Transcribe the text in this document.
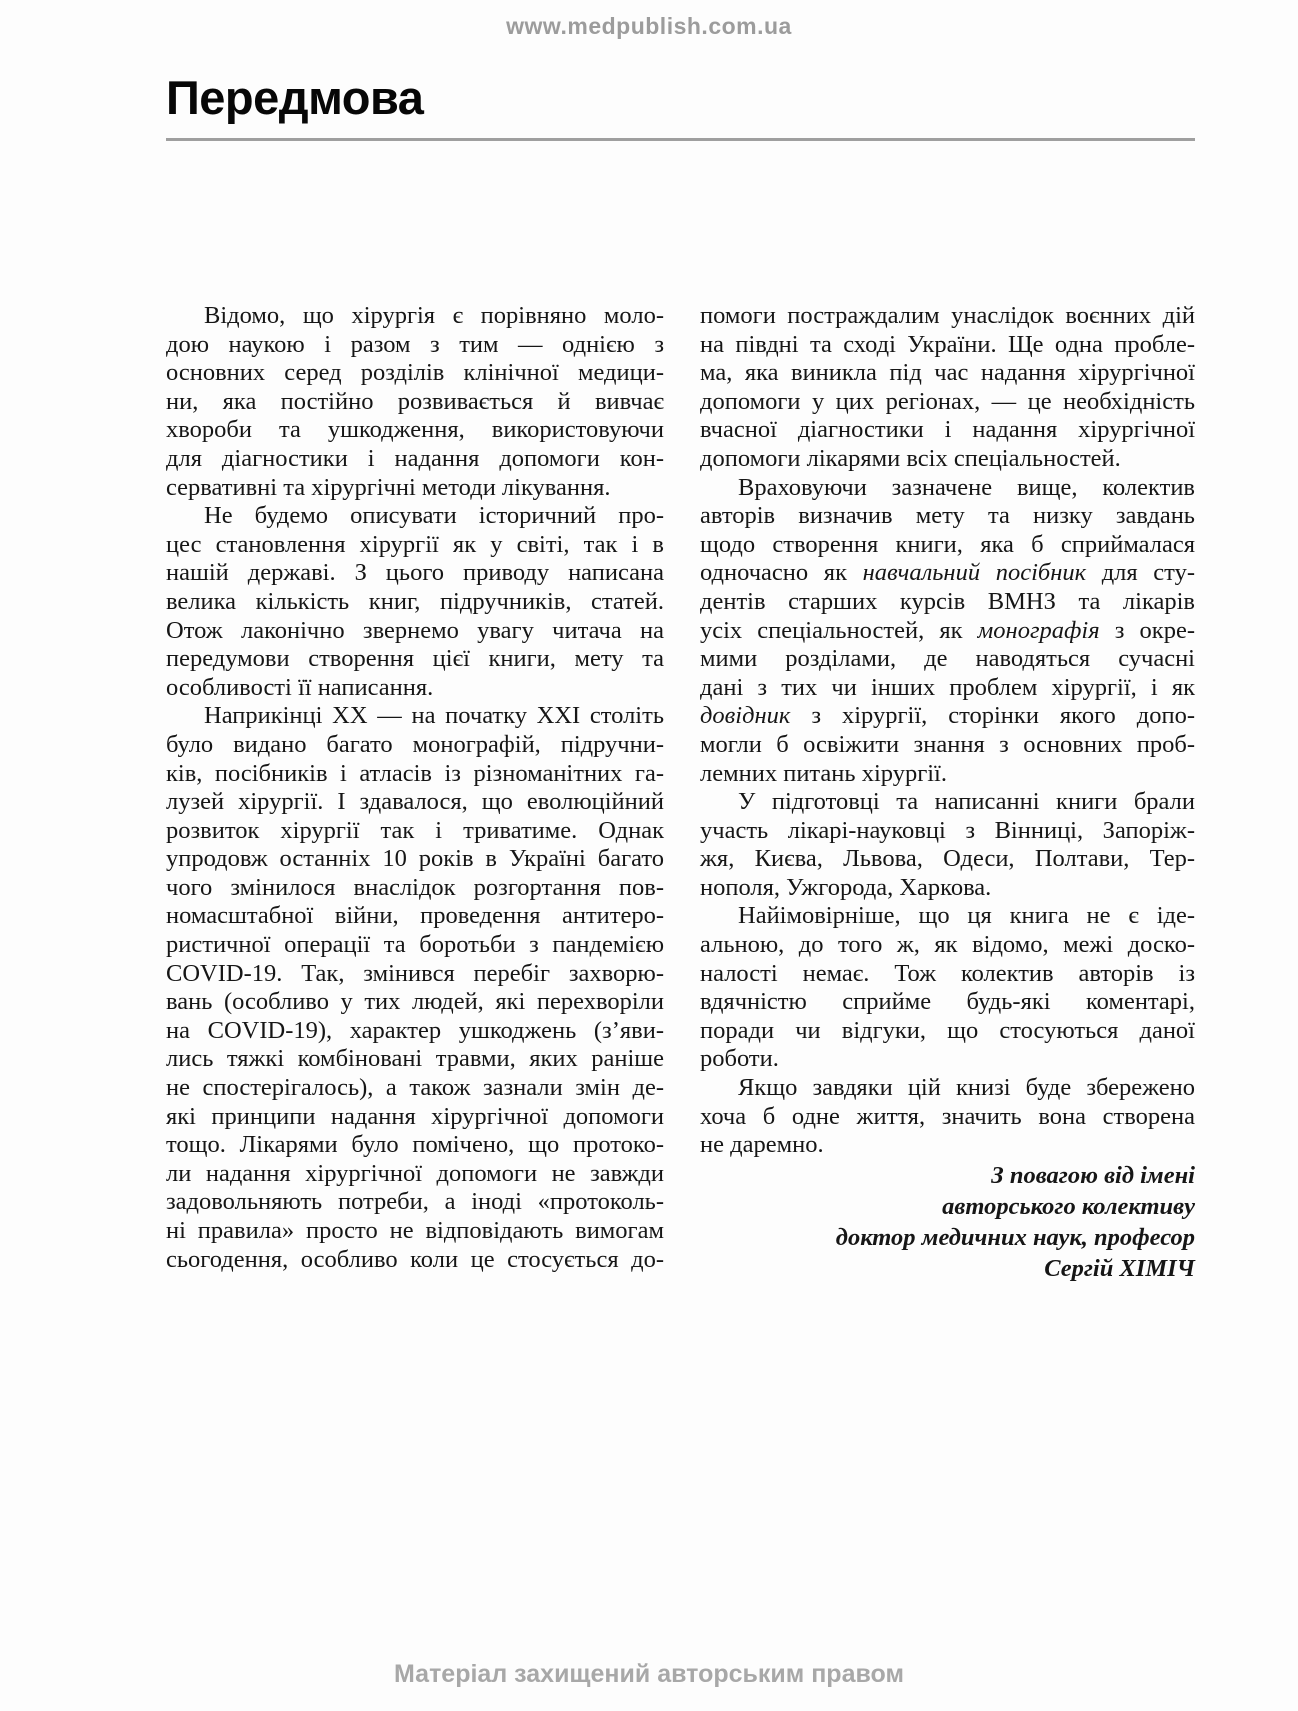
www.medpublish.com.ua
Передмова
Відомо, що хірургія є порівняно моло-
дою наукою і разом з тим — однією з
основних серед розділів клінічної медици-
ни, яка постійно розвивається й вивчає
хвороби та ушкодження, використовуючи
для діагностики і надання допомоги кон-
сервативні та хірургічні методи лікування.
Не будемо описувати історичний про-
цес становлення хірургії як у світі, так і в
нашій державі. З цього приводу написана
велика кількість книг, підручників, статей.
Отож лаконічно звернемо увагу читача на
передумови створення цієї книги, мету та
особливості її написання.
Наприкінці XX — на початку XXI століть
було видано багато монографій, підручни-
ків, посібників і атласів із різноманітних га-
лузей хірургії. І здавалося, що еволюційний
розвиток хірургії так і триватиме. Однак
упродовж останніх 10 років в Україні багато
чого змінилося внаслідок розгортання пов-
номасштабної війни, проведення антитеро-
ристичної операції та боротьби з пандемією
COVID-19. Так, змінився перебіг захворю-
вань (особливо у тих людей, які перехворіли
на COVID-19), характер ушкоджень (з’яви-
лись тяжкі комбіновані травми, яких раніше
не спостерігалось), а також зазнали змін де-
які принципи надання хірургічної допомоги
тощо. Лікарями було помічено, що протоко-
ли надання хірургічної допомоги не завжди
задовольняють потреби, а іноді «протоколь-
ні правила» просто не відповідають вимогам
сьогодення, особливо коли це стосується до-
помоги постраждалим унаслідок воєнних дій
на півдні та сході України. Ще одна пробле-
ма, яка виникла під час надання хірургічної
допомоги у цих регіонах, — це необхідність
вчасної діагностики і надання хірургічної
допомоги лікарями всіх спеціальностей.
Враховуючи зазначене вище, колектив
авторів визначив мету та низку завдань
щодо створення книги, яка б сприймалася
одночасно як навчальний посібник для сту-
дентів старших курсів ВМНЗ та лікарів
усіх спеціальностей, як монографія з окре-
мими розділами, де наводяться сучасні
дані з тих чи інших проблем хірургії, і як
довідник з хірургії, сторінки якого допо-
могли б освіжити знання з основних проб-
лемних питань хірургії.
У підготовці та написанні книги брали
участь лікарі-науковці з Вінниці, Запоріж-
жя, Києва, Львова, Одеси, Полтави, Тер-
нополя, Ужгорода, Харкова.
Найімовірніше, що ця книга не є іде-
альною, до того ж, як відомо, межі доско-
налості немає. Тож колектив авторів із
вдячністю сприйме будь-які коментарі,
поради чи відгуки, що стосуються даної
роботи.
Якщо завдяки цій книзі буде збережено
хоча б одне життя, значить вона створена
не даремно.
З повагою від імені
авторського колективу
доктор медичних наук, професор
Сергій ХІМІЧ
Матеріал захищений авторським правом
